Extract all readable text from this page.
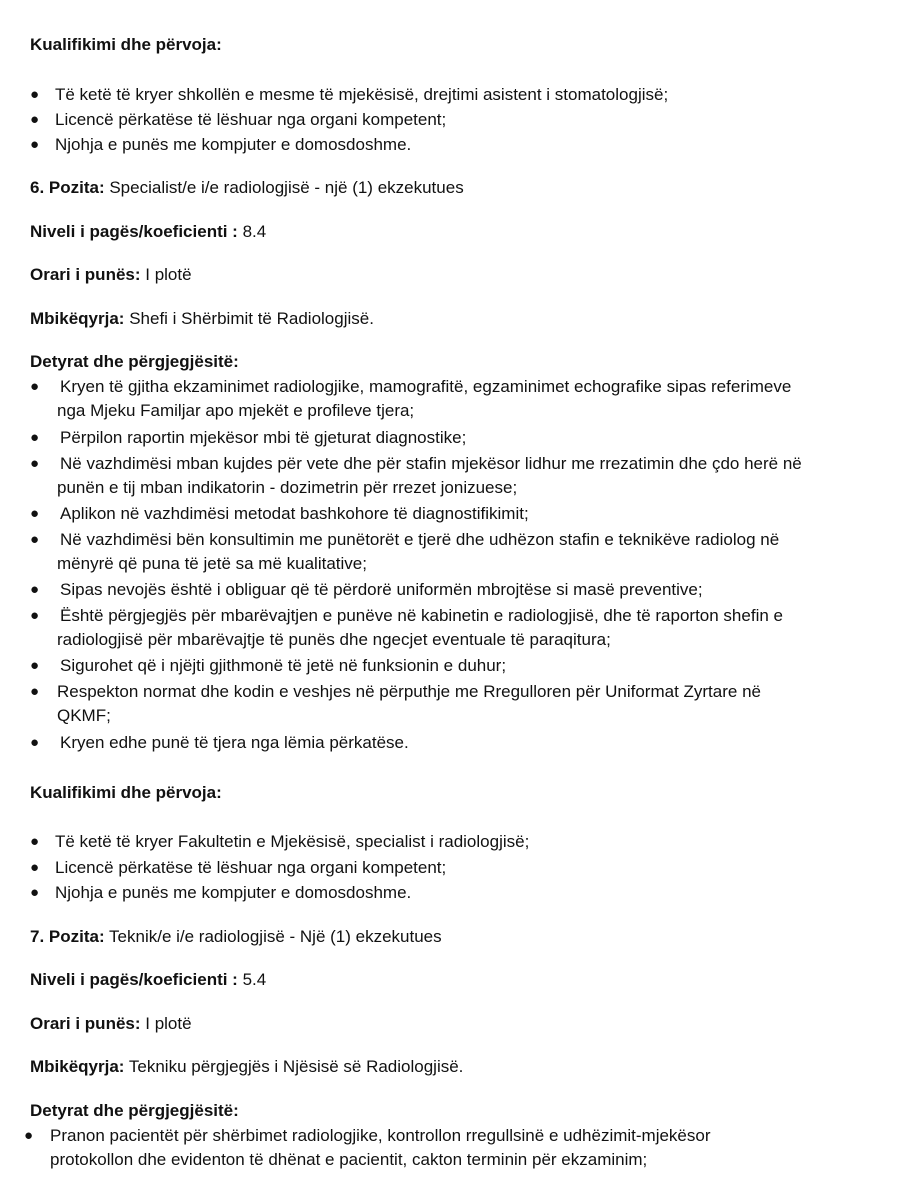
Kualifikimi dhe përvoja:
● Të ketë të kryer shkollën e mesme të mjekësisë, drejtimi asistent i stomatologjisë;
● Licencë përkatëse të lëshuar nga organi kompetent;
● Njohja e punës me kompjuter e domosdoshme.
6. Pozita: Specialist/e i/e radiologjisë - një (1) ekzekutues
Niveli i pagës/koeficienti : 8.4
Orari i punës: I plotë
Mbikëqyrja: Shefi i Shërbimit të Radiologjisë.
Detyrat dhe përgjegjësitë:
●	Kryen të gjitha ekzaminimet radiologjike, mamografitë, egzaminimet echografike sipas referimeve
nga Mjeku Familjar apo mjekët e profileve tjera;
●	Përpilon raportin mjekësor mbi të gjeturat diagnostike;
●	Në vazhdimësi mban kujdes për vete dhe për stafin mjekësor lidhur me rrezatimin dhe çdo herë në
punën e tij mban indikatorin - dozimetrin për rrezet jonizuese;
●	Aplikon në vazhdimësi metodat bashkohore të diagnostifikimit;
●	Në vazhdimësi bën konsultimin me punëtorët e tjerë dhe udhëzon stafin e teknikëve radiolog në
mënyrë që puna të jetë sa më kualitative;
●	Sipas nevojës është i obliguar që të përdorë uniformën mbrojtëse si masë preventive;
●	Është përgjegjës për mbarëvajtjen e punëve në kabinetin e radiologjisë, dhe të raporton shefin e
radiologjisë për mbarëvajtje të punës dhe ngecjet eventuale të paraqitura;
●	Sigurohet që i njëjti gjithmonë të jetë në funksionin e duhur;
●	Respekton normat dhe kodin e veshjes në përputhje me Rregulloren për Uniformat Zyrtare në
QKMF;
●	Kryen edhe punë të tjera nga lëmia përkatëse.
Kualifikimi dhe përvoja:
● Të ketë të kryer Fakultetin e Mjekësisë, specialist i radiologjisë;
● Licencë përkatëse të lëshuar nga organi kompetent;
● Njohja e punës me kompjuter e domosdoshme.
7. Pozita: Teknik/e i/e radiologjisë - Një (1) ekzekutues
Niveli i pagës/koeficienti : 5.4
Orari i punës: I plotë
Mbikëqyrja: Tekniku përgjegjës i Njësisë së Radiologjisë.
Detyrat dhe përgjegjësitë:
● Pranon pacientët për shërbimet radiologjike, kontrollon rregullsinë e udhëzimit-mjekësor
protokollon dhe evidenton të dhënat e pacientit, cakton terminin për ekzaminim;
